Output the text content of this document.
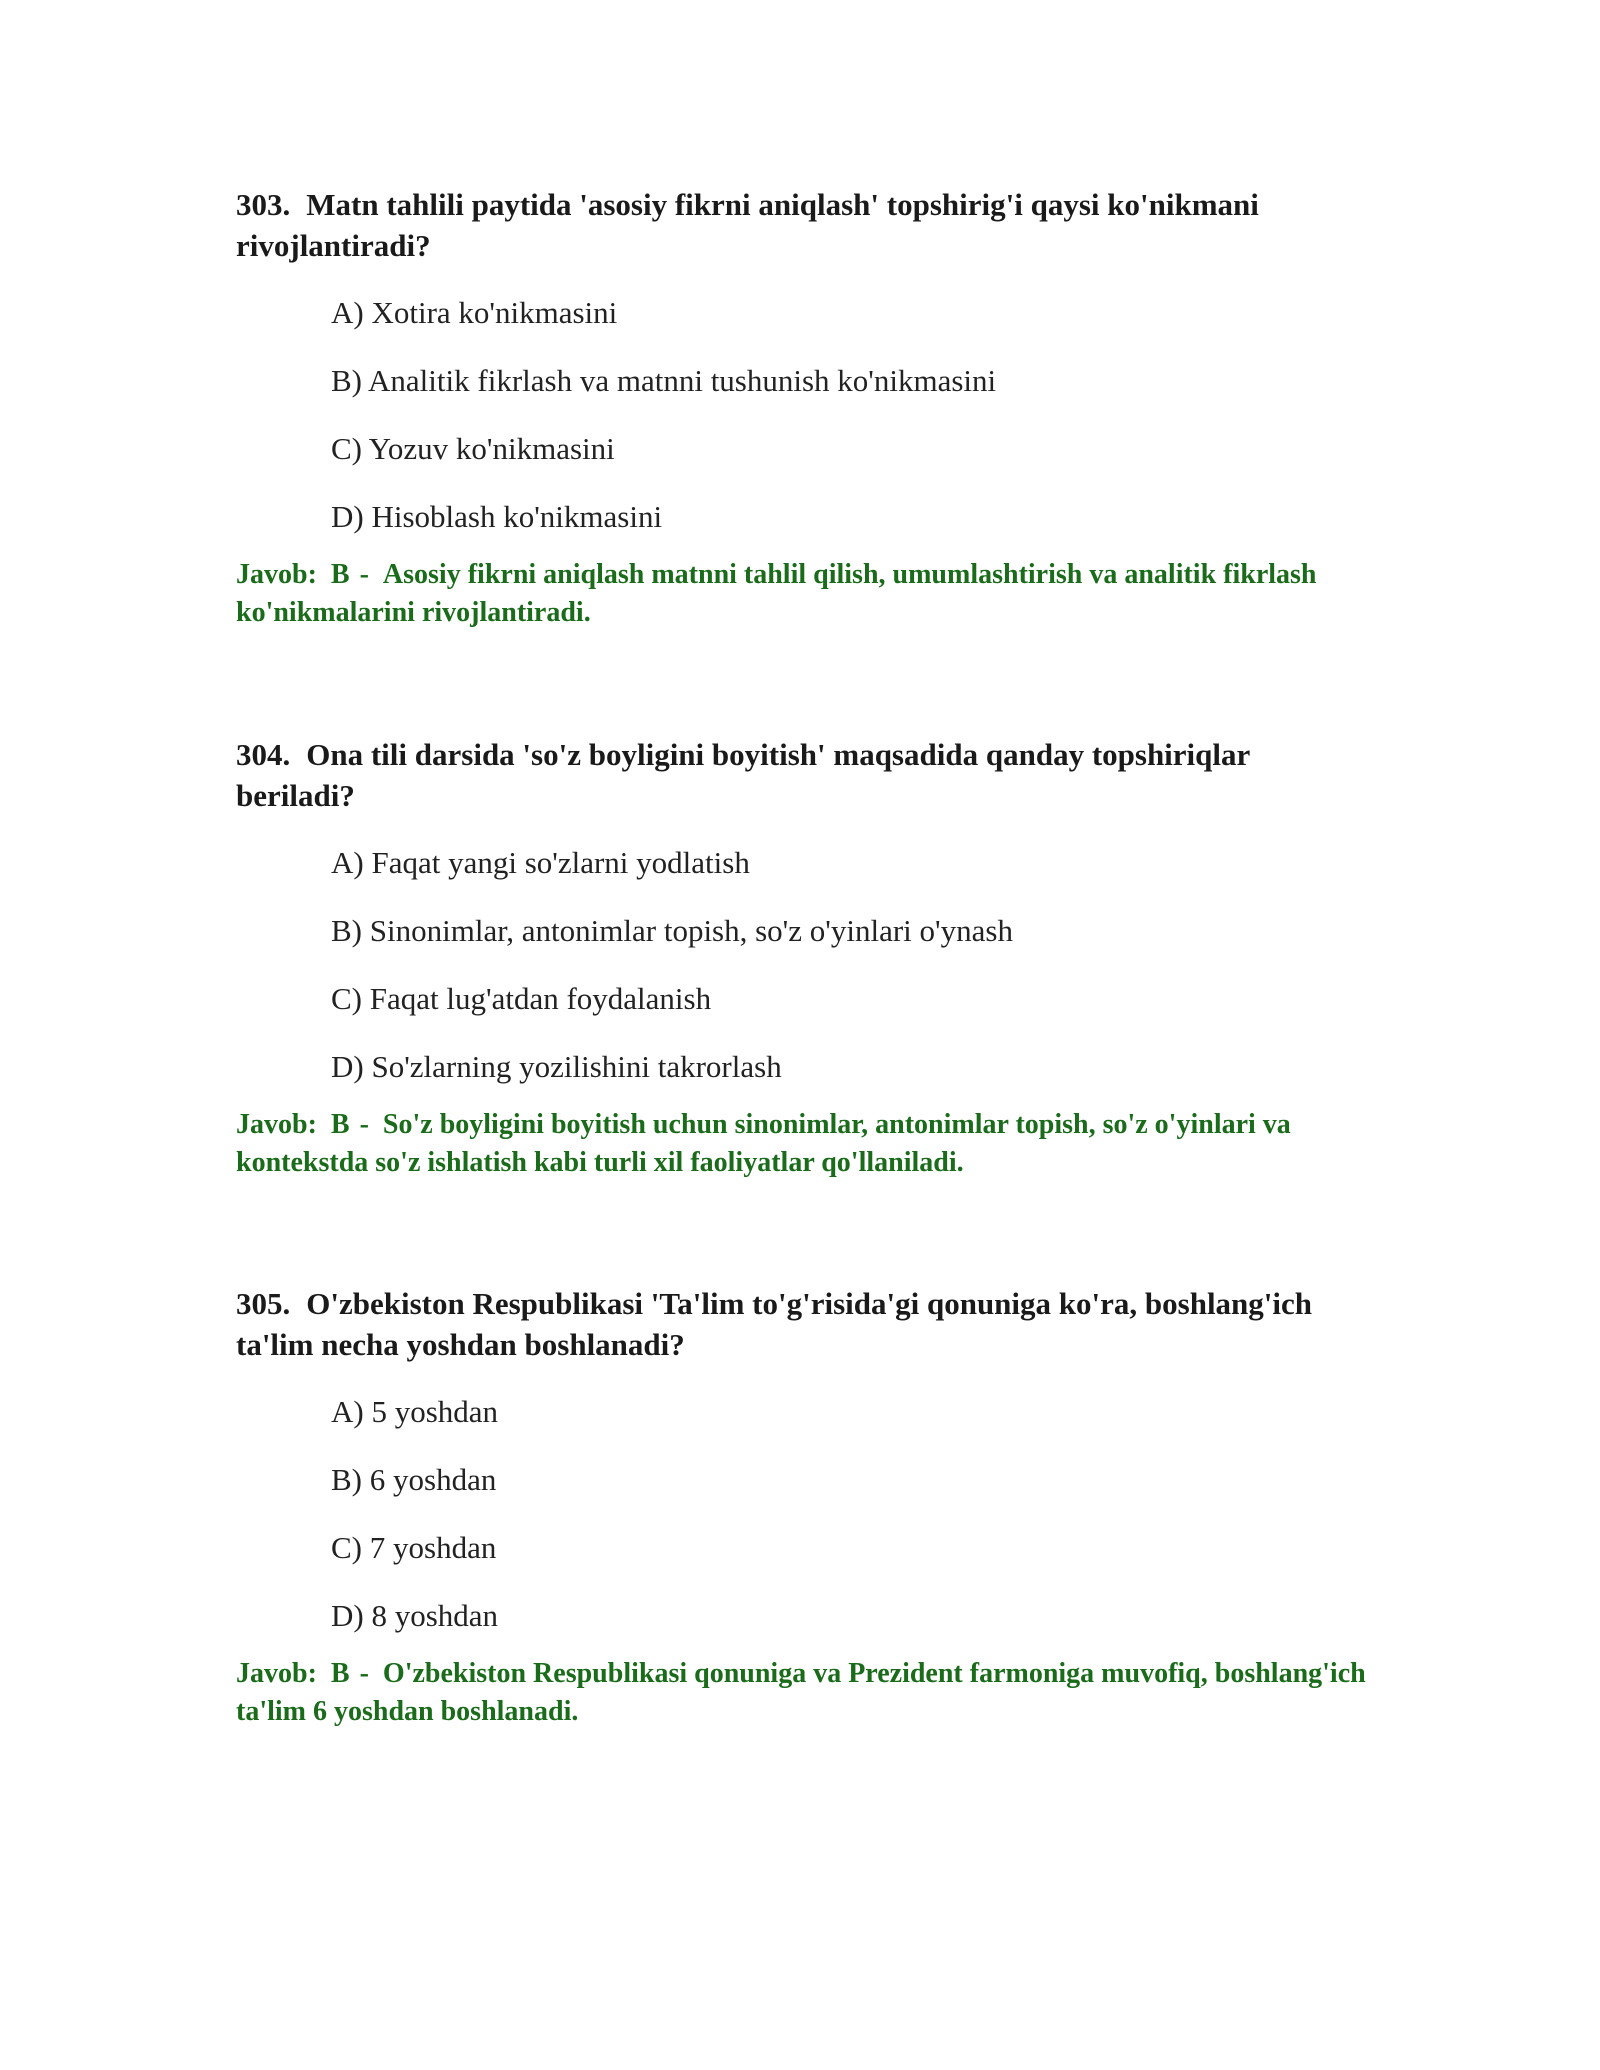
303. Matn tahlili paytida 'asosiy fikrni aniqlash' topshirig'i qaysi ko'nikmani rivojlantiradi?

A) Xotira ko'nikmasini
B) Analitik fikrlash va matnni tushunish ko'nikmasini
C) Yozuv ko'nikmasini
D) Hisoblash ko'nikmasini
Javob: B - Asosiy fikrni aniqlash matnni tahlil qilish, umumlashtirish va analitik fikrlash ko'nikmalarini rivojlantiradi.

304. Ona tili darsida 'so'z boyligini boyitish' maqsadida qanday topshiriqlar beriladi?

A) Faqat yangi so'zlarni yodlatish
B) Sinonimlar, antonimlar topish, so'z o'yinlari o'ynash
C) Faqat lug'atdan foydalanish
D) So'zlarning yozilishini takrorlash
Javob: B - So'z boyligini boyitish uchun sinonimlar, antonimlar topish, so'z o'yinlari va kontekstda so'z ishlatish kabi turli xil faoliyatlar qo'llaniladi.

305. O'zbekiston Respublikasi 'Ta'lim to'g'risida'gi qonuniga ko'ra, boshlang'ich ta'lim necha yoshdan boshlanadi?

A) 5 yoshdan
B) 6 yoshdan
C) 7 yoshdan
D) 8 yoshdan
Javob: B - O'zbekiston Respublikasi qonuniga va Prezident farmoniga muvofiq, boshlang'ich ta'lim 6 yoshdan boshlanadi.
